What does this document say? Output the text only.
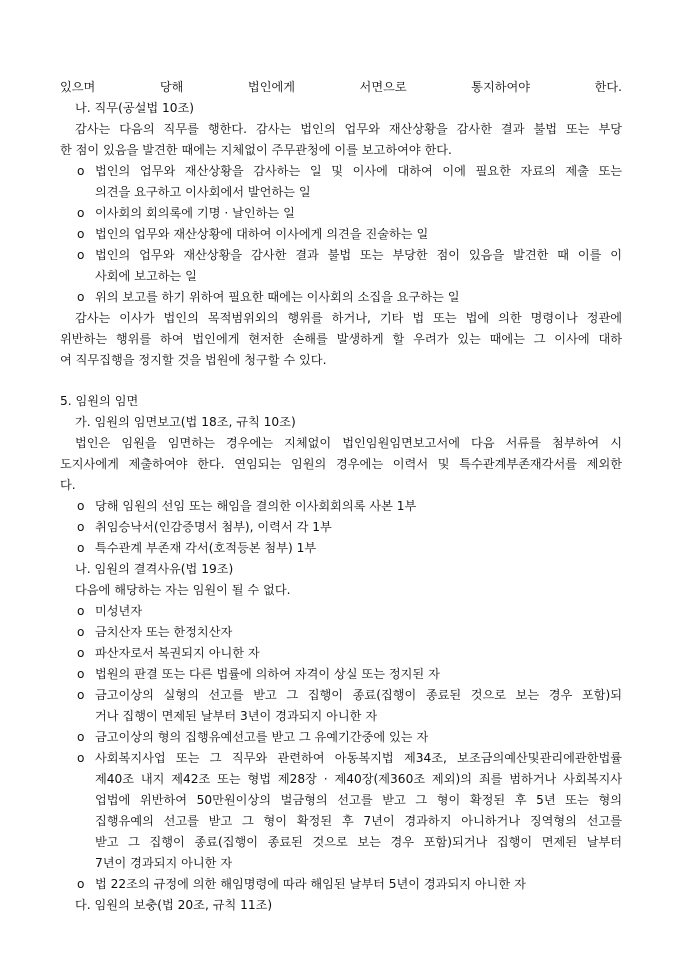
있으며 당해 법인에게 서면으로 통지하여야 한다.
나. 직무(공설법 10조)
감사는 다음의 직무를 행한다. 감사는 법인의 업무와 재산상황을 감사한 결과 불법 또는 부당
한 점이 있음을 발견한 때에는 지체없이 주무관청에 이를 보고하여야 한다.
o 법인의 업무와 재산상황을 감사하는 일 및 이사에 대하여 이에 필요한 자료의 제출 또는
의견을 요구하고 이사회에서 발언하는 일
o 이사회의 회의록에 기명 · 날인하는 일
o 법인의 업무와 재산상황에 대하여 이사에게 의견을 진술하는 일
o 법인의 업무와 재산상황을 감사한 결과 불법 또는 부당한 점이 있음을 발견한 때 이를 이
사회에 보고하는 일
o 위의 보고를 하기 위하여 필요한 때에는 이사회의 소집을 요구하는 일
감사는 이사가 법인의 목적범위외의 행위를 하거나, 기타 법 또는 법에 의한 명령이나 정관에
위반하는 행위를 하여 법인에게 현저한 손해를 발생하게 할 우려가 있는 때에는 그 이사에 대하
여 직무집행을 정지할 것을 법원에 청구할 수 있다.
5. 임원의 임면
가. 임원의 임면보고(법 18조, 규칙 10조)
법인은 임원을 임면하는 경우에는 지체없이 법인임원임면보고서에 다음 서류를 첨부하여 시
도지사에게 제출하여야 한다. 연임되는 임원의 경우에는 이력서 및 특수관계부존재각서를 제외한
다.
o 당해 임원의 선임 또는 해임을 결의한 이사회회의록 사본 1부
o 취임승낙서(인감증명서 첨부), 이력서 각 1부
o 특수관계 부존재 각서(호적등본 첨부) 1부
나. 임원의 결격사유(법 19조)
다음에 해당하는 자는 임원이 될 수 없다.
o 미성년자
o 금치산자 또는 한정치산자
o 파산자로서 복권되지 아니한 자
o 법원의 판결 또는 다른 법률에 의하여 자격이 상실 또는 정지된 자
o 금고이상의 실형의 선고를 받고 그 집행이 종료(집행이 종료된 것으로 보는 경우 포함)되
거나 집행이 면제된 날부터 3년이 경과되지 아니한 자
o 금고이상의 형의 집행유예선고를 받고 그 유예기간중에 있는 자
o 사회복지사업 또는 그 직무와 관련하여 아동복지법 제34조, 보조금의예산및관리에관한법률
제40조 내지 제42조 또는 형법 제28장 · 제40장(제360조 제외)의 죄를 범하거나 사회복지사
업법에 위반하여 50만원이상의 벌금형의 선고를 받고 그 형이 확정된 후 5년 또는 형의
집행유예의 선고를 받고 그 형이 확정된 후 7년이 경과하지 아니하거나 징역형의 선고를
받고 그 집행이 종료(집행이 종료된 것으로 보는 경우 포함)되거나 집행이 면제된 날부터
7년이 경과되지 아니한 자
o 법 22조의 규정에 의한 해임명령에 따라 해임된 날부터 5년이 경과되지 아니한 자
다. 임원의 보충(법 20조, 규칙 11조)
